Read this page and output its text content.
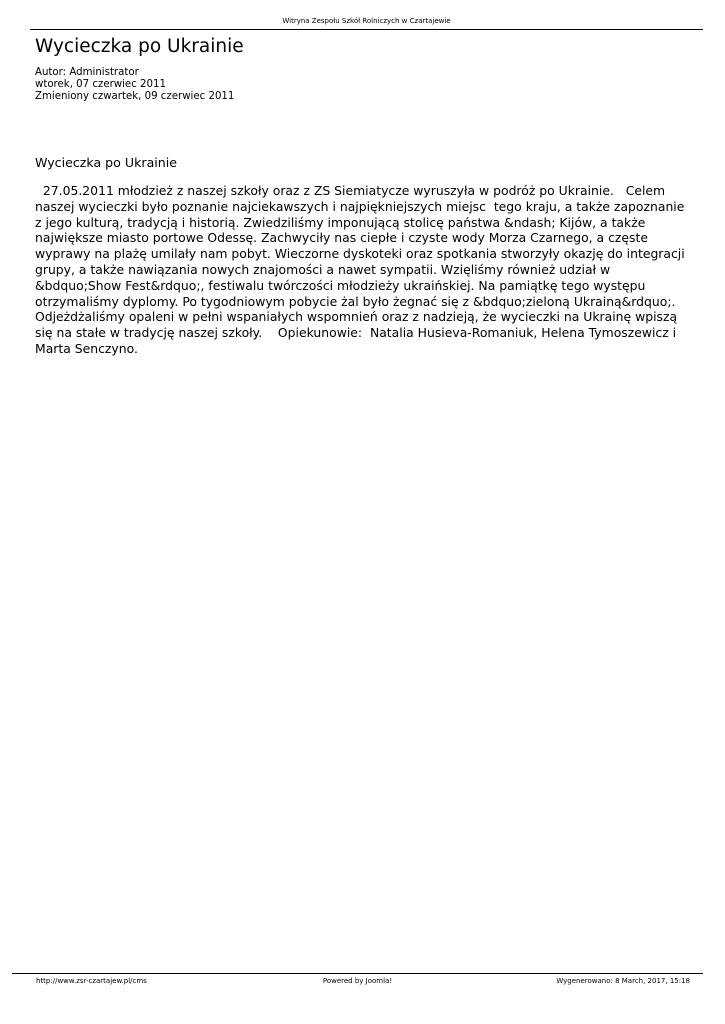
Witryna Zespołu Szkół Rolniczych w Czartajewie
Wycieczka po Ukrainie
Autor: Administrator
wtorek, 07 czerwiec 2011
Zmieniony czwartek, 09 czerwiec 2011
Wycieczka po Ukrainie
27.05.2011 młodzież z naszej szkoły oraz z ZS Siemiatycze wyruszyła w podróż po Ukrainie.   Celem
naszej wycieczki było poznanie najciekawszych i najpiękniejszych miejsc  tego kraju, a także zapoznanie
z jego kulturą, tradycją i historią. Zwiedziliśmy imponującą stolicę państwa &ndash; Kijów, a także
największe miasto portowe Odessę. Zachwyciły nas ciepłe i czyste wody Morza Czarnego, a częste
wyprawy na plażę umilały nam pobyt. Wieczorne dyskoteki oraz spotkania stworzyły okazję do integracji
grupy, a także nawiązania nowych znajomości a nawet sympatii. Wzięliśmy również udział w
&bdquo;Show Fest&rdquo;, festiwalu twórczości młodzieży ukraińskiej. Na pamiątkę tego występu
otrzymaliśmy dyplomy. Po tygodniowym pobycie żal było żegnać się z &bdquo;zieloną Ukrainą&rdquo;.
Odjeżdżaliśmy opaleni w pełni wspaniałych wspomnień oraz z nadzieją, że wycieczki na Ukrainę wpiszą
się na stałe w tradycję naszej szkoły.    Opiekunowie:  Natalia Husieva-Romaniuk, Helena Tymoszewicz i
Marta Senczyno.
http://www.zsr-czartajew.pl/cms	Powered by Joomla!	Wygenerowano: 8 March, 2017, 15:18
